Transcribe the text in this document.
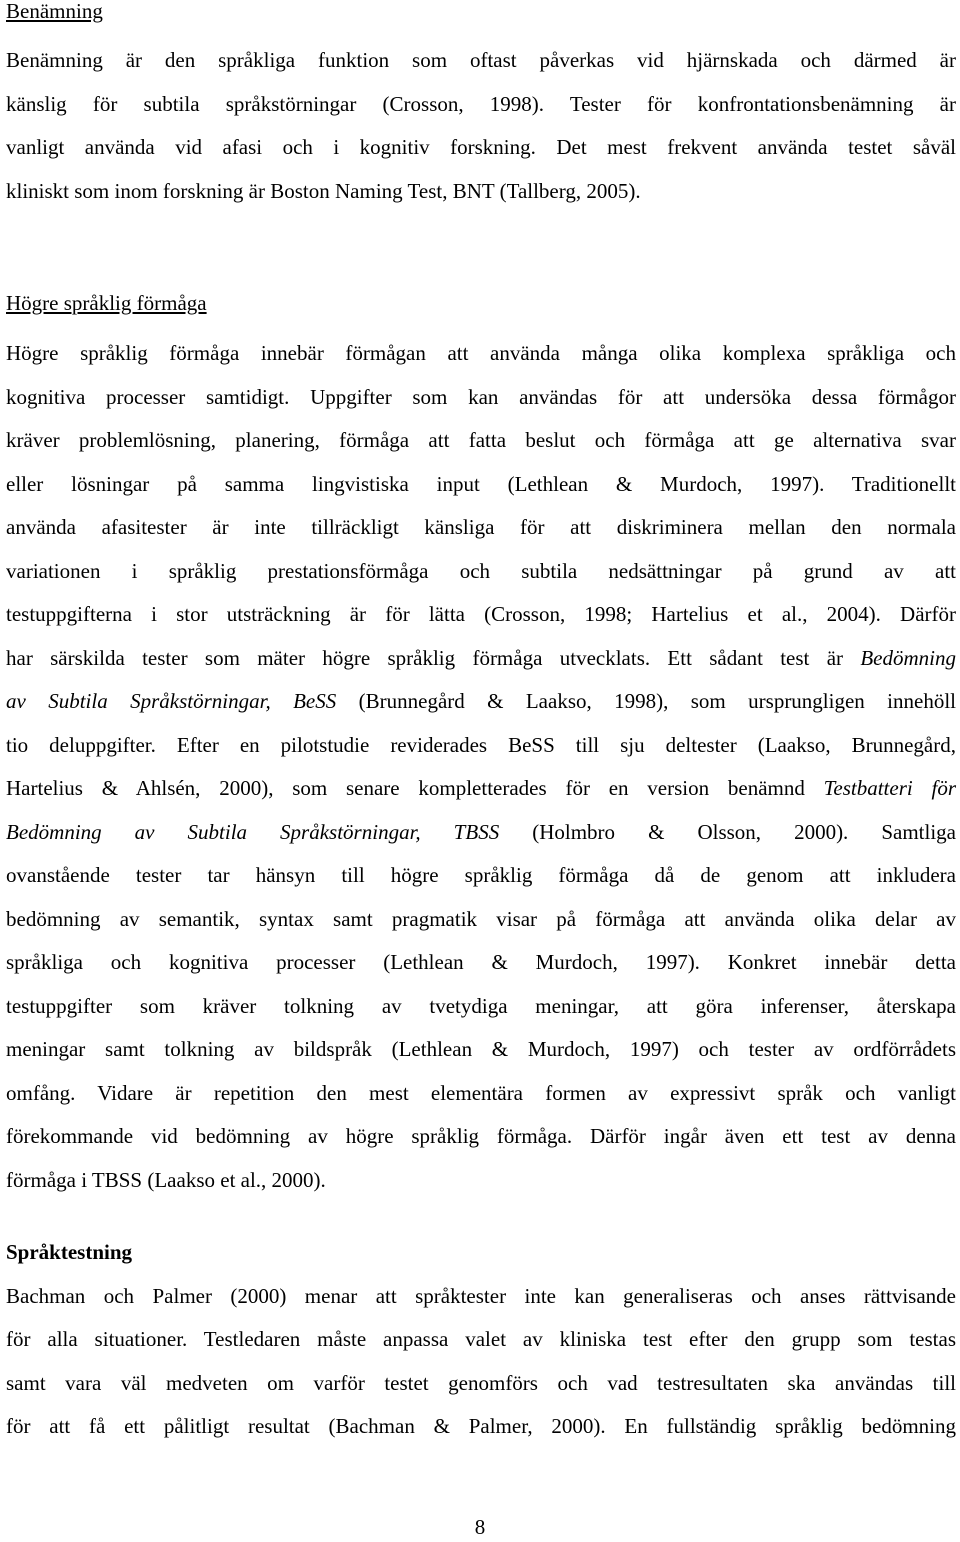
Benämning
Benämning är den språkliga funktion som oftast påverkas vid hjärnskada och därmed är
känslig för subtila språkstörningar (Crosson, 1998). Tester för konfrontationsbenämning är
vanligt använda vid afasi och i kognitiv forskning. Det mest frekvent använda testet såväl
kliniskt som inom forskning är Boston Naming Test, BNT (Tallberg, 2005).
Högre språklig förmåga
Högre språklig förmåga innebär förmågan att använda många olika komplexa språkliga och
kognitiva processer samtidigt. Uppgifter som kan användas för att undersöka dessa förmågor
kräver problemlösning, planering, förmåga att fatta beslut och förmåga att ge alternativa svar
eller lösningar på samma lingvistiska input (Lethlean & Murdoch, 1997). Traditionellt
använda afasitester är inte tillräckligt känsliga för att diskriminera mellan den normala
variationen i språklig prestationsförmåga och subtila nedsättningar på grund av att
testuppgifterna i stor utsträckning är för lätta (Crosson, 1998; Hartelius et al., 2004). Därför
har särskilda tester som mäter högre språklig förmåga utvecklats. Ett sådant test är Bedömning
av Subtila Språkstörningar, BeSS (Brunnegård & Laakso, 1998), som ursprungligen innehöll
tio deluppgifter. Efter en pilotstudie reviderades BeSS till sju deltester (Laakso, Brunnegård,
Hartelius & Ahlsén, 2000), som senare kompletterades för en version benämnd Testbatteri för
Bedömning av Subtila Språkstörningar, TBSS (Holmbro & Olsson, 2000). Samtliga
ovanstående tester tar hänsyn till högre språklig förmåga då de genom att inkludera
bedömning av semantik, syntax samt pragmatik visar på förmåga att använda olika delar av
språkliga och kognitiva processer (Lethlean & Murdoch, 1997). Konkret innebär detta
testuppgifter som kräver tolkning av tvetydiga meningar, att göra inferenser, återskapa
meningar samt tolkning av bildspråk (Lethlean & Murdoch, 1997) och tester av ordförrådets
omfång. Vidare är repetition den mest elementära formen av expressivt språk och vanligt
förekommande vid bedömning av högre språklig förmåga. Därför ingår även ett test av denna
förmåga i TBSS (Laakso et al., 2000).
Språktestning
Bachman och Palmer (2000) menar att språktester inte kan generaliseras och anses rättvisande
för alla situationer. Testledaren måste anpassa valet av kliniska test efter den grupp som testas
samt vara väl medveten om varför testet genomförs och vad testresultaten ska användas till
för att få ett pålitligt resultat (Bachman & Palmer, 2000). En fullständig språklig bedömning
8
